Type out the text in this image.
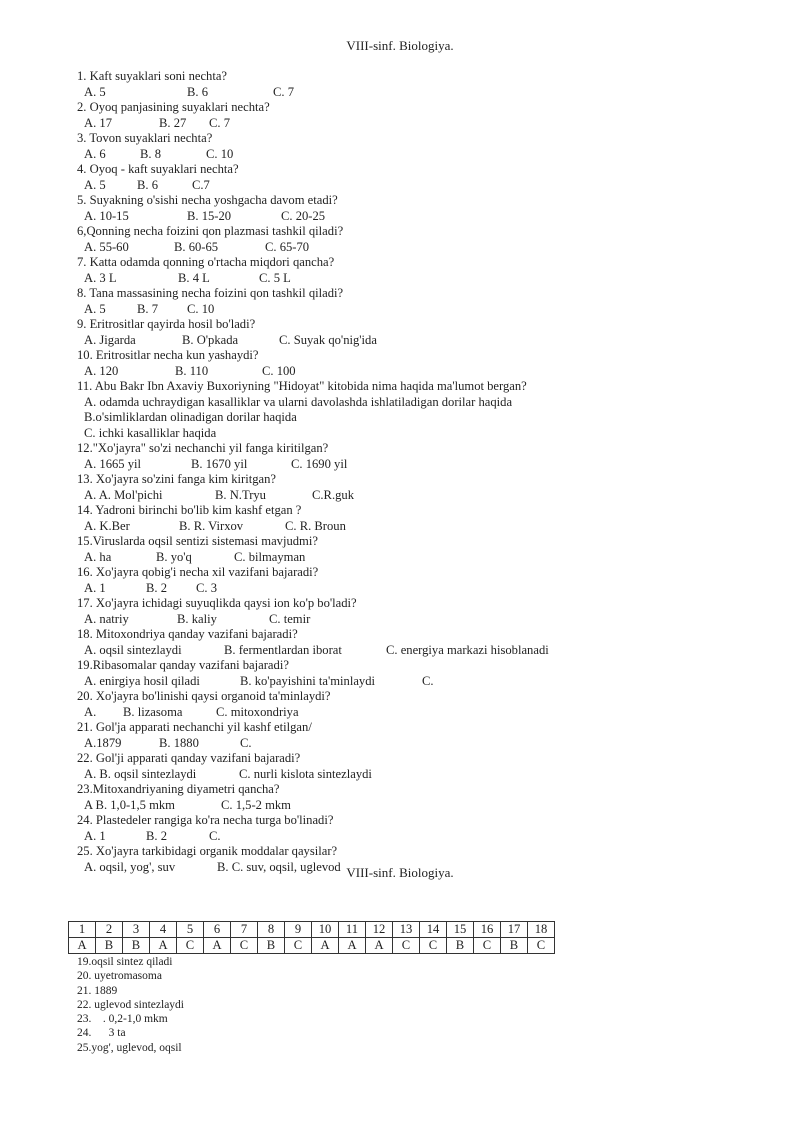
VIII-sinf. Biologiya.
1. Kaft suyaklari soni nechta?
A. 5	B. 6	C. 7
2. Oyoq panjasining suyaklari nechta?
A. 17	B. 27 C. 7
3. Tovon suyaklari nechta?
A. 6	B. 8	C. 10
4. Oyoq - kaft suyaklari nechta?
A. 5 B. 6	C.7
5. Suyakning o'sishi necha yoshgacha davom etadi?
A. 10-15	B. 15-20	C. 20-25
6,Qonning necha foizini qon plazmasi tashkil qiladi?
A. 55-60	B. 60-65	C. 65-70
7. Katta odamda qonning o'rtacha miqdori qancha?
A. 3 L	B. 4 L	C. 5 L
8. Tana massasining necha foizini qon tashkil qiladi?
A. 5 B. 7 C. 10
9. Eritrositlar qayirda hosil bo'ladi?
A. Jigarda	B. O'pkada	C. Suyak qo'nig'ida
10. Eritrositlar necha kun yashaydi?
A. 120	B. 110	C. 100
11. Abu Bakr Ibn Axaviy Buxoriyning "Hidoyat" kitobida nima haqida ma'lumot bergan?
A. odamda uchraydigan kasalliklar va ularni davolashda ishlatiladigan dorilar haqida
B.o'simliklardan olinadigan dorilar haqida
C. ichki kasalliklar haqida
12."Xo'jayra" so'zi nechanchi yil fanga kiritilgan?
A. 1665 yil	B. 1670 yil	C. 1690 yil
13. Xo'jayra so'zini fanga kim kiritgan?
A. A. Mol'pichi	B. N.Tryu	C.R.guk
14. Yadroni birinchi bo'lib kim kashf etgan ?
A. K.Ber	B. R. Virxov	C. R. Broun
15.Viruslarda oqsil sentizi sistemasi mavjudmi?
A. ha	B. yo'q	C. bilmayman
16. Xo'jayra qobig'i necha xil vazifani bajaradi?
A. 1	B. 2 C. 3
17. Xo'jayra ichidagi suyuqlikda qaysi ion ko'p bo'ladi?
A. natriy	B. kaliy	C. temir
18. Mitoxondriya qanday vazifani bajaradi?
A. oqsil sintezlaydi	B. fermentlardan iborat	C. energiya markazi hisoblanadi
19.Ribasomalar qanday vazifani bajaradi?
A. enirgiya hosil qiladi	B. ko'payishini ta'minlaydi	C.
20. Xo'jayra bo'linishi qaysi organoid ta'minlaydi?
A. B. lizasoma	C. mitoxondriya
21. Gol'ja apparati nechanchi yil kashf etilgan/
A.1879	B. 1880	C.
22. Gol'ji apparati qanday vazifani bajaradi?
A. B. oqsil sintezlaydi	C. nurli kislota sintezlaydi
23.Mitoxandriyaning diyametri qancha?
A B. 1,0-1,5 mkm	C. 1,5-2 mkm
24. Plastedeler rangiga ko'ra necha turga bo'linadi?
A. 1	B. 2	C.
25. Xo'jayra tarkibidagi organik moddalar qaysilar?
A. oqsil, yog', suv	B. C. suv, oqsil, uglevod VIII-sinf. Biologiya.
1	2	3	4	5	6	7	8	9	10	11	12	13	14	15	16	17	18
A	B	B	A	C	A	C	B	C	A	A	A	C	C	B	C	B	C
19.oqsil sintez qiladi
20. uyetromasoma
21. 1889
22. uglevod sintezlaydi
23.    . 0,2-1,0 mkm
24.      3 ta
25.yog', uglevod, oqsil
